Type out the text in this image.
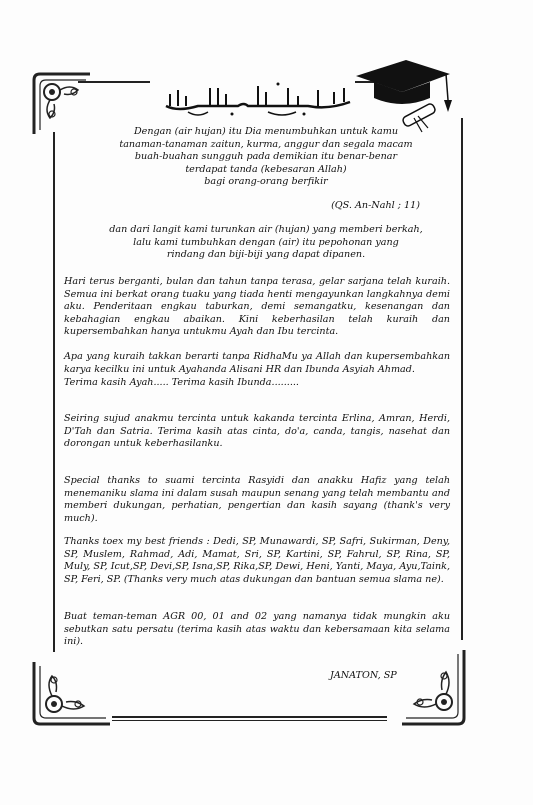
Dengan (air hujan) itu Dia menumbuhkan untuk kamu
tanaman-tanaman zaitun, kurma, anggur dan segala macam
buah-buahan sungguh pada demikian itu benar-benar
terdapat tanda (kebesaran Allah)
bagi orang-orang berfikir
(QS. An-Nahl ; 11)
dan dari langit kami turunkan air (hujan) yang memberi berkah,
lalu kami tumbuhkan dengan (air) itu pepohonan yang
rindang dan biji-biji yang dapat dipanen.
Hari terus berganti, bulan dan tahun tanpa terasa, gelar sarjana telah kuraih. Semua ini berkat orang tuaku yang tiada henti mengayunkan langkahnya demi aku. Penderitaan engkau taburkan, demi semangatku, kesenangan dan kebahagian engkau abaikan. Kini keberhasilan telah kuraih dan kupersembahkan hanya untukmu Ayah dan Ibu tercinta.
Apa yang kuraih takkan berarti tanpa RidhaMu ya Allah dan kupersembahkan karya kecilku ini untuk Ayahanda Alisani HR dan Ibunda Asyiah Ahmad.
Terima kasih Ayah..... Terima kasih Ibunda.........
Seiring sujud anakmu tercinta untuk kakanda tercinta Erlina, Amran, Herdi, D'Tah dan Satria. Terima kasih atas cinta, do'a, canda, tangis, nasehat dan dorongan untuk keberhasilanku.
Special thanks to suami tercinta Rasyidi dan anakku Hafiz yang telah menemaniku slama ini dalam susah maupun senang yang telah membantu and memberi dukungan, perhatian, pengertian dan kasih sayang (thank's very much).
Thanks toex my best friends : Dedi, SP, Munawardi, SP, Safri, Sukirman, Deny, SP, Muslem, Rahmad, Adi, Mamat, Sri, SP, Kartini, SP, Fahrul, SP, Rina, SP, Muly, SP, Icut,SP, Devi,SP, Isna,SP, Rika,SP, Dewi, Heni, Yanti, Maya, Ayu,Taink, SP, Feri, SP. (Thanks very much atas dukungan dan bantuan semua slama ne).
Buat teman-teman AGR 00, 01 and 02 yang namanya tidak mungkin aku sebutkan satu persatu (terima kasih atas waktu dan kebersamaan kita selama ini).
JANATON, SP
